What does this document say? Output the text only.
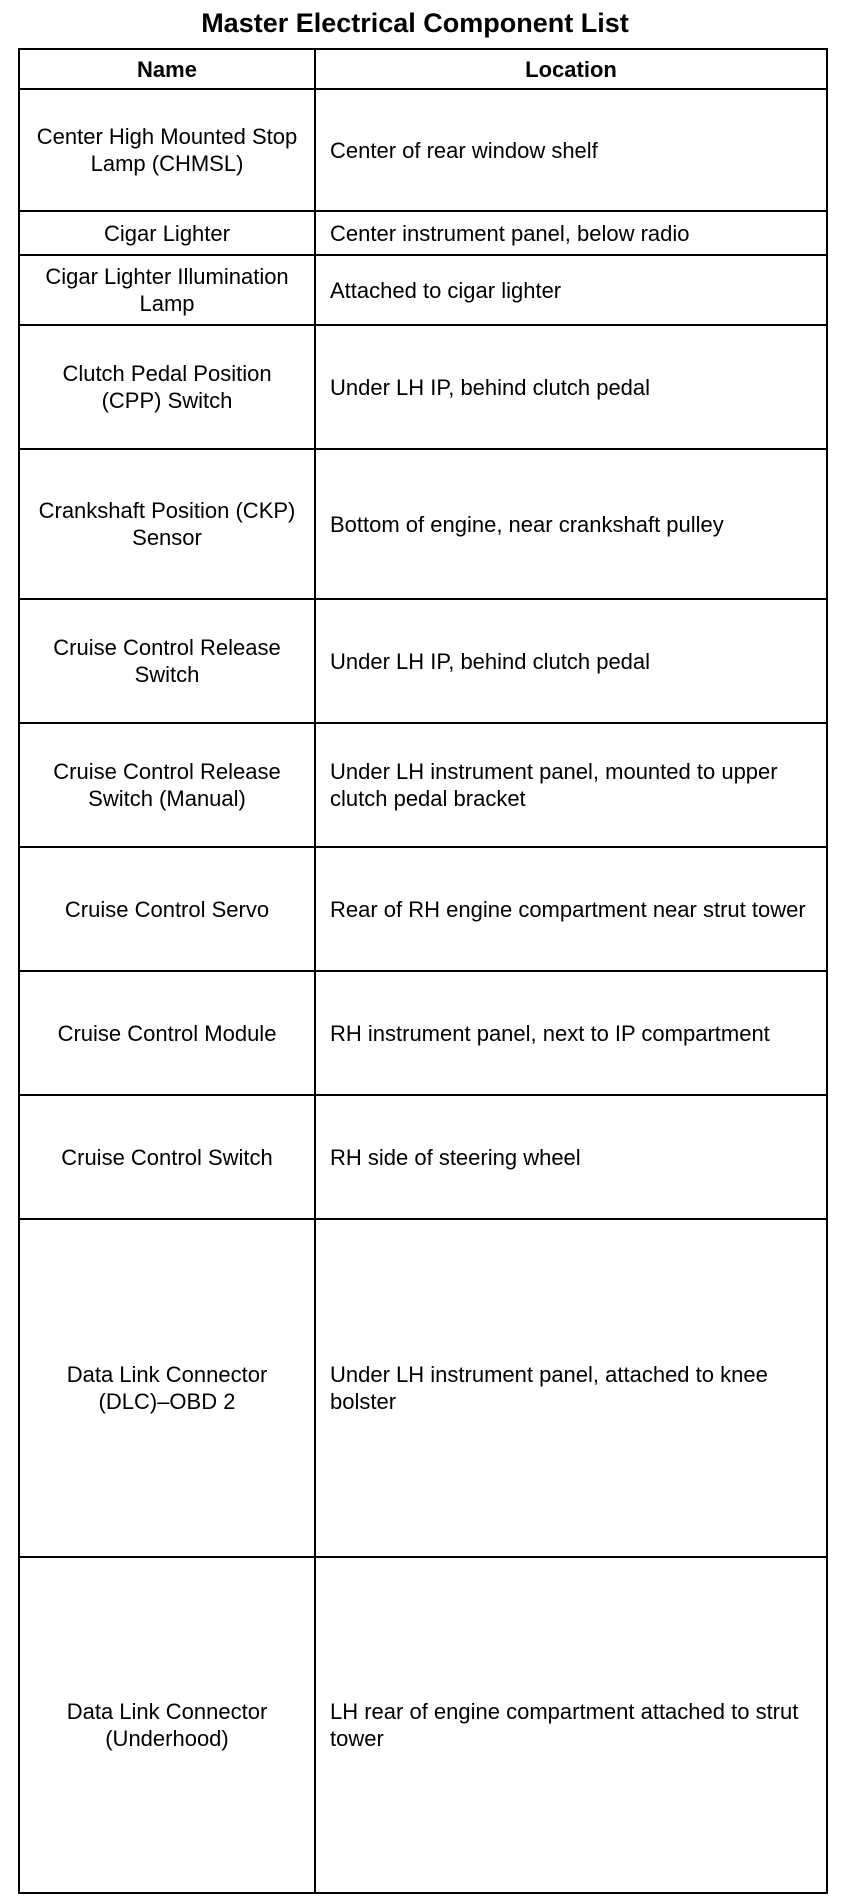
Master Electrical Component List
Name	Location
Center High Mounted Stop Lamp (CHMSL)	Center of rear window shelf
Cigar Lighter	Center instrument panel, below radio
Cigar Lighter Illumination Lamp	Attached to cigar lighter
Clutch Pedal Position (CPP) Switch	Under LH IP, behind clutch pedal
Crankshaft Position (CKP) Sensor	Bottom of engine, near crankshaft pulley
Cruise Control Release Switch	Under LH IP, behind clutch pedal
Cruise Control Release Switch (Manual)	Under LH instrument panel, mounted to upper clutch pedal bracket
Cruise Control Servo	Rear of RH engine compartment near strut tower
Cruise Control Module	RH instrument panel, next to IP compartment
Cruise Control Switch	RH side of steering wheel
Data Link Connector (DLC)–OBD 2	Under LH instrument panel, attached to knee bolster
Data Link Connector (Underhood)	LH rear of engine compartment attached to strut tower
